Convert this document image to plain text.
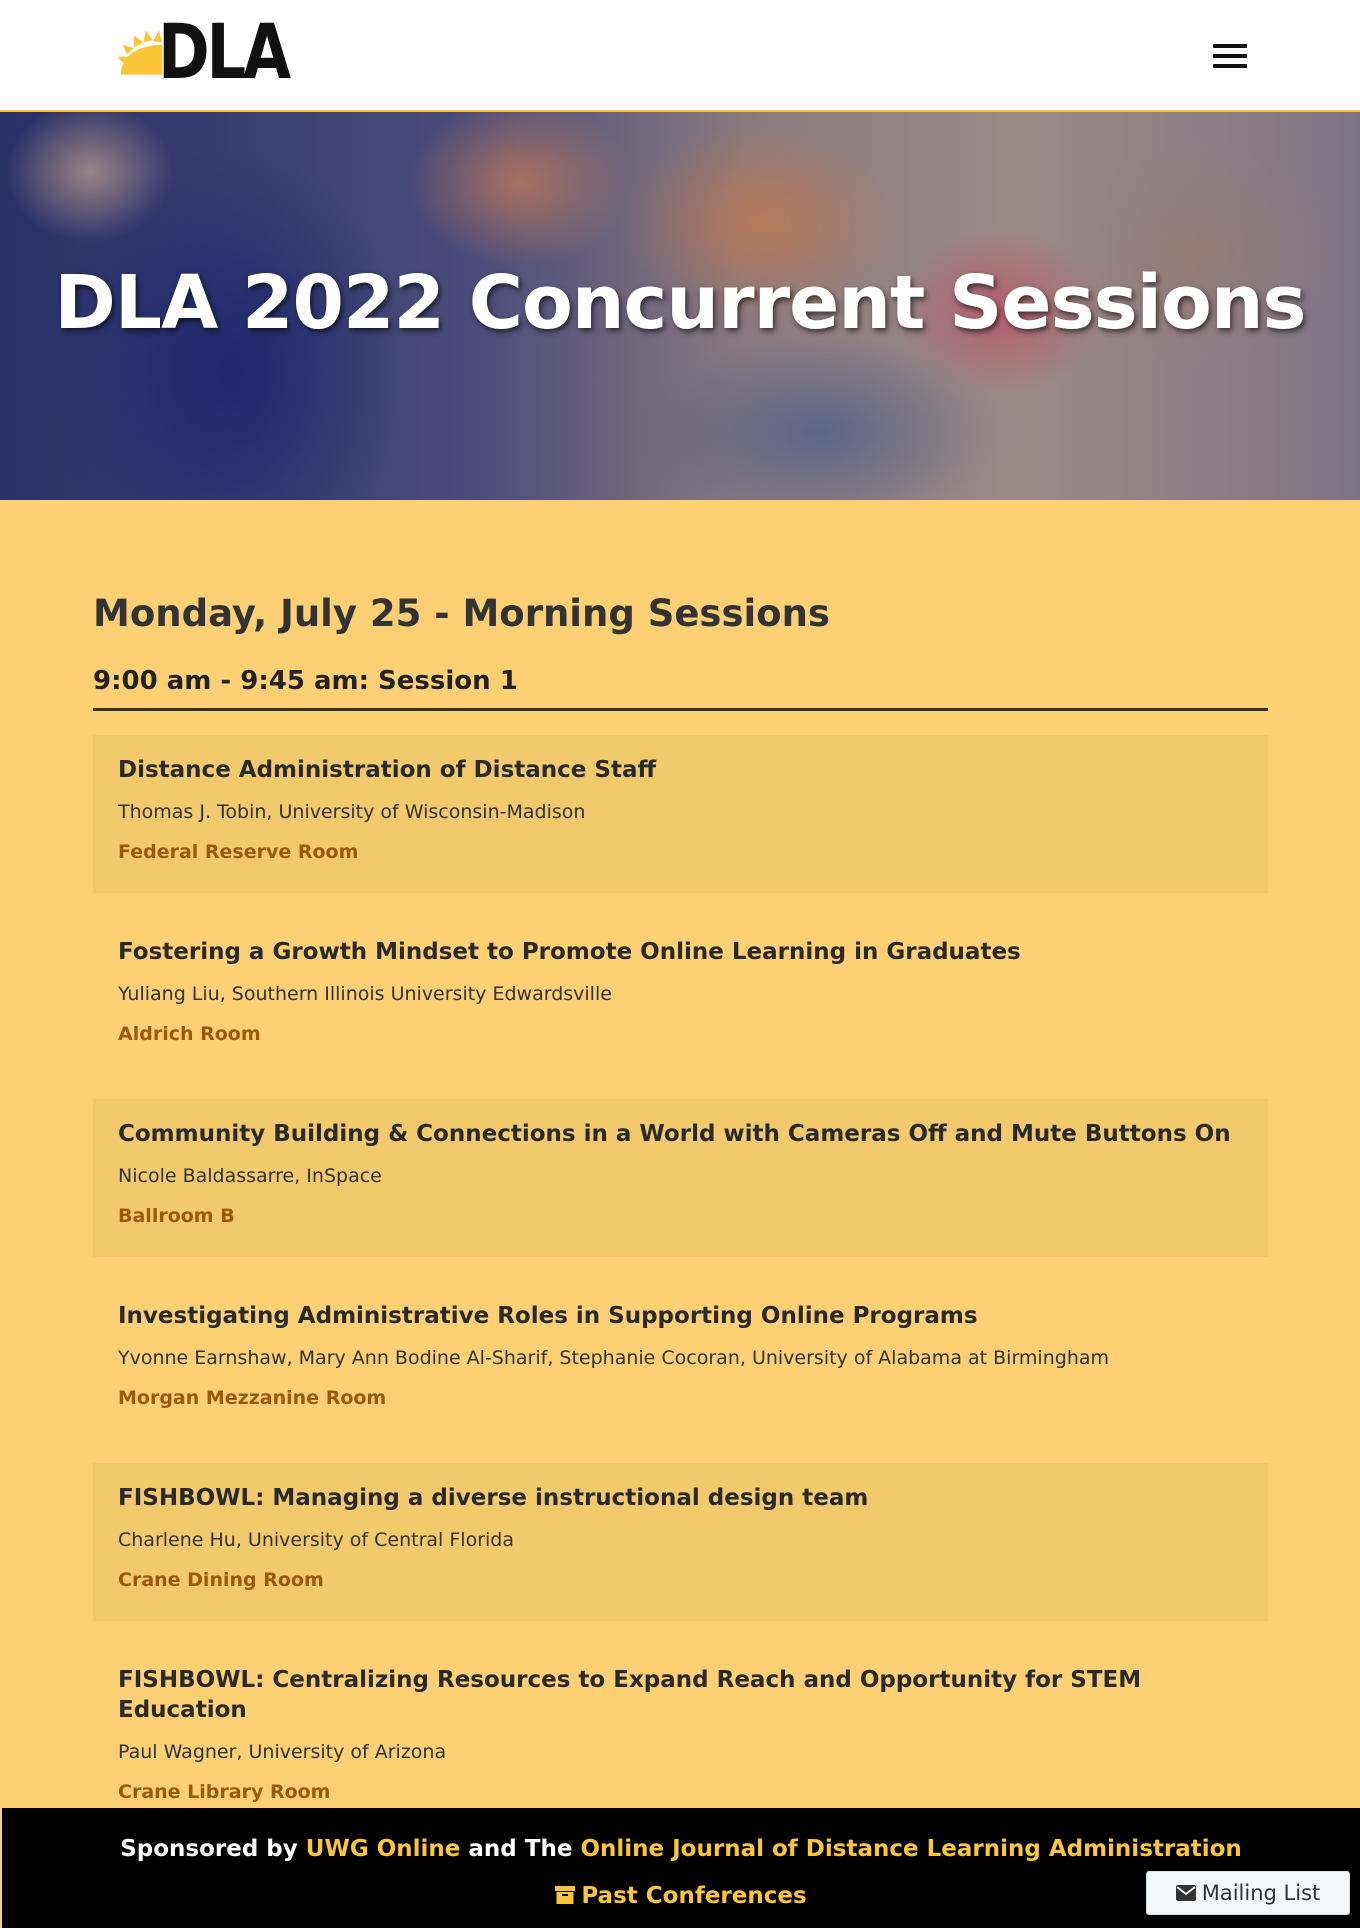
DLA
DLA 2022 Concurrent Sessions
Monday, July 25 - Morning Sessions
9:00 am - 9:45 am: Session 1
Distance Administration of Distance Staff
Thomas J. Tobin, University of Wisconsin-Madison
Federal Reserve Room
Fostering a Growth Mindset to Promote Online Learning in Graduates
Yuliang Liu, Southern Illinois University Edwardsville
Aldrich Room
Community Building & Connections in a World with Cameras Off and Mute Buttons On
Nicole Baldassarre, InSpace
Ballroom B
Investigating Administrative Roles in Supporting Online Programs
Yvonne Earnshaw, Mary Ann Bodine Al-Sharif, Stephanie Cocoran, University of Alabama at Birmingham
Morgan Mezzanine Room
FISHBOWL: Managing a diverse instructional design team
Charlene Hu, University of Central Florida
Crane Dining Room
FISHBOWL: Centralizing Resources to Expand Reach and Opportunity for STEM Education
Paul Wagner, University of Arizona
Crane Library Room
Sponsored by UWG Online and The Online Journal of Distance Learning Administration
Past Conferences	Mailing List
